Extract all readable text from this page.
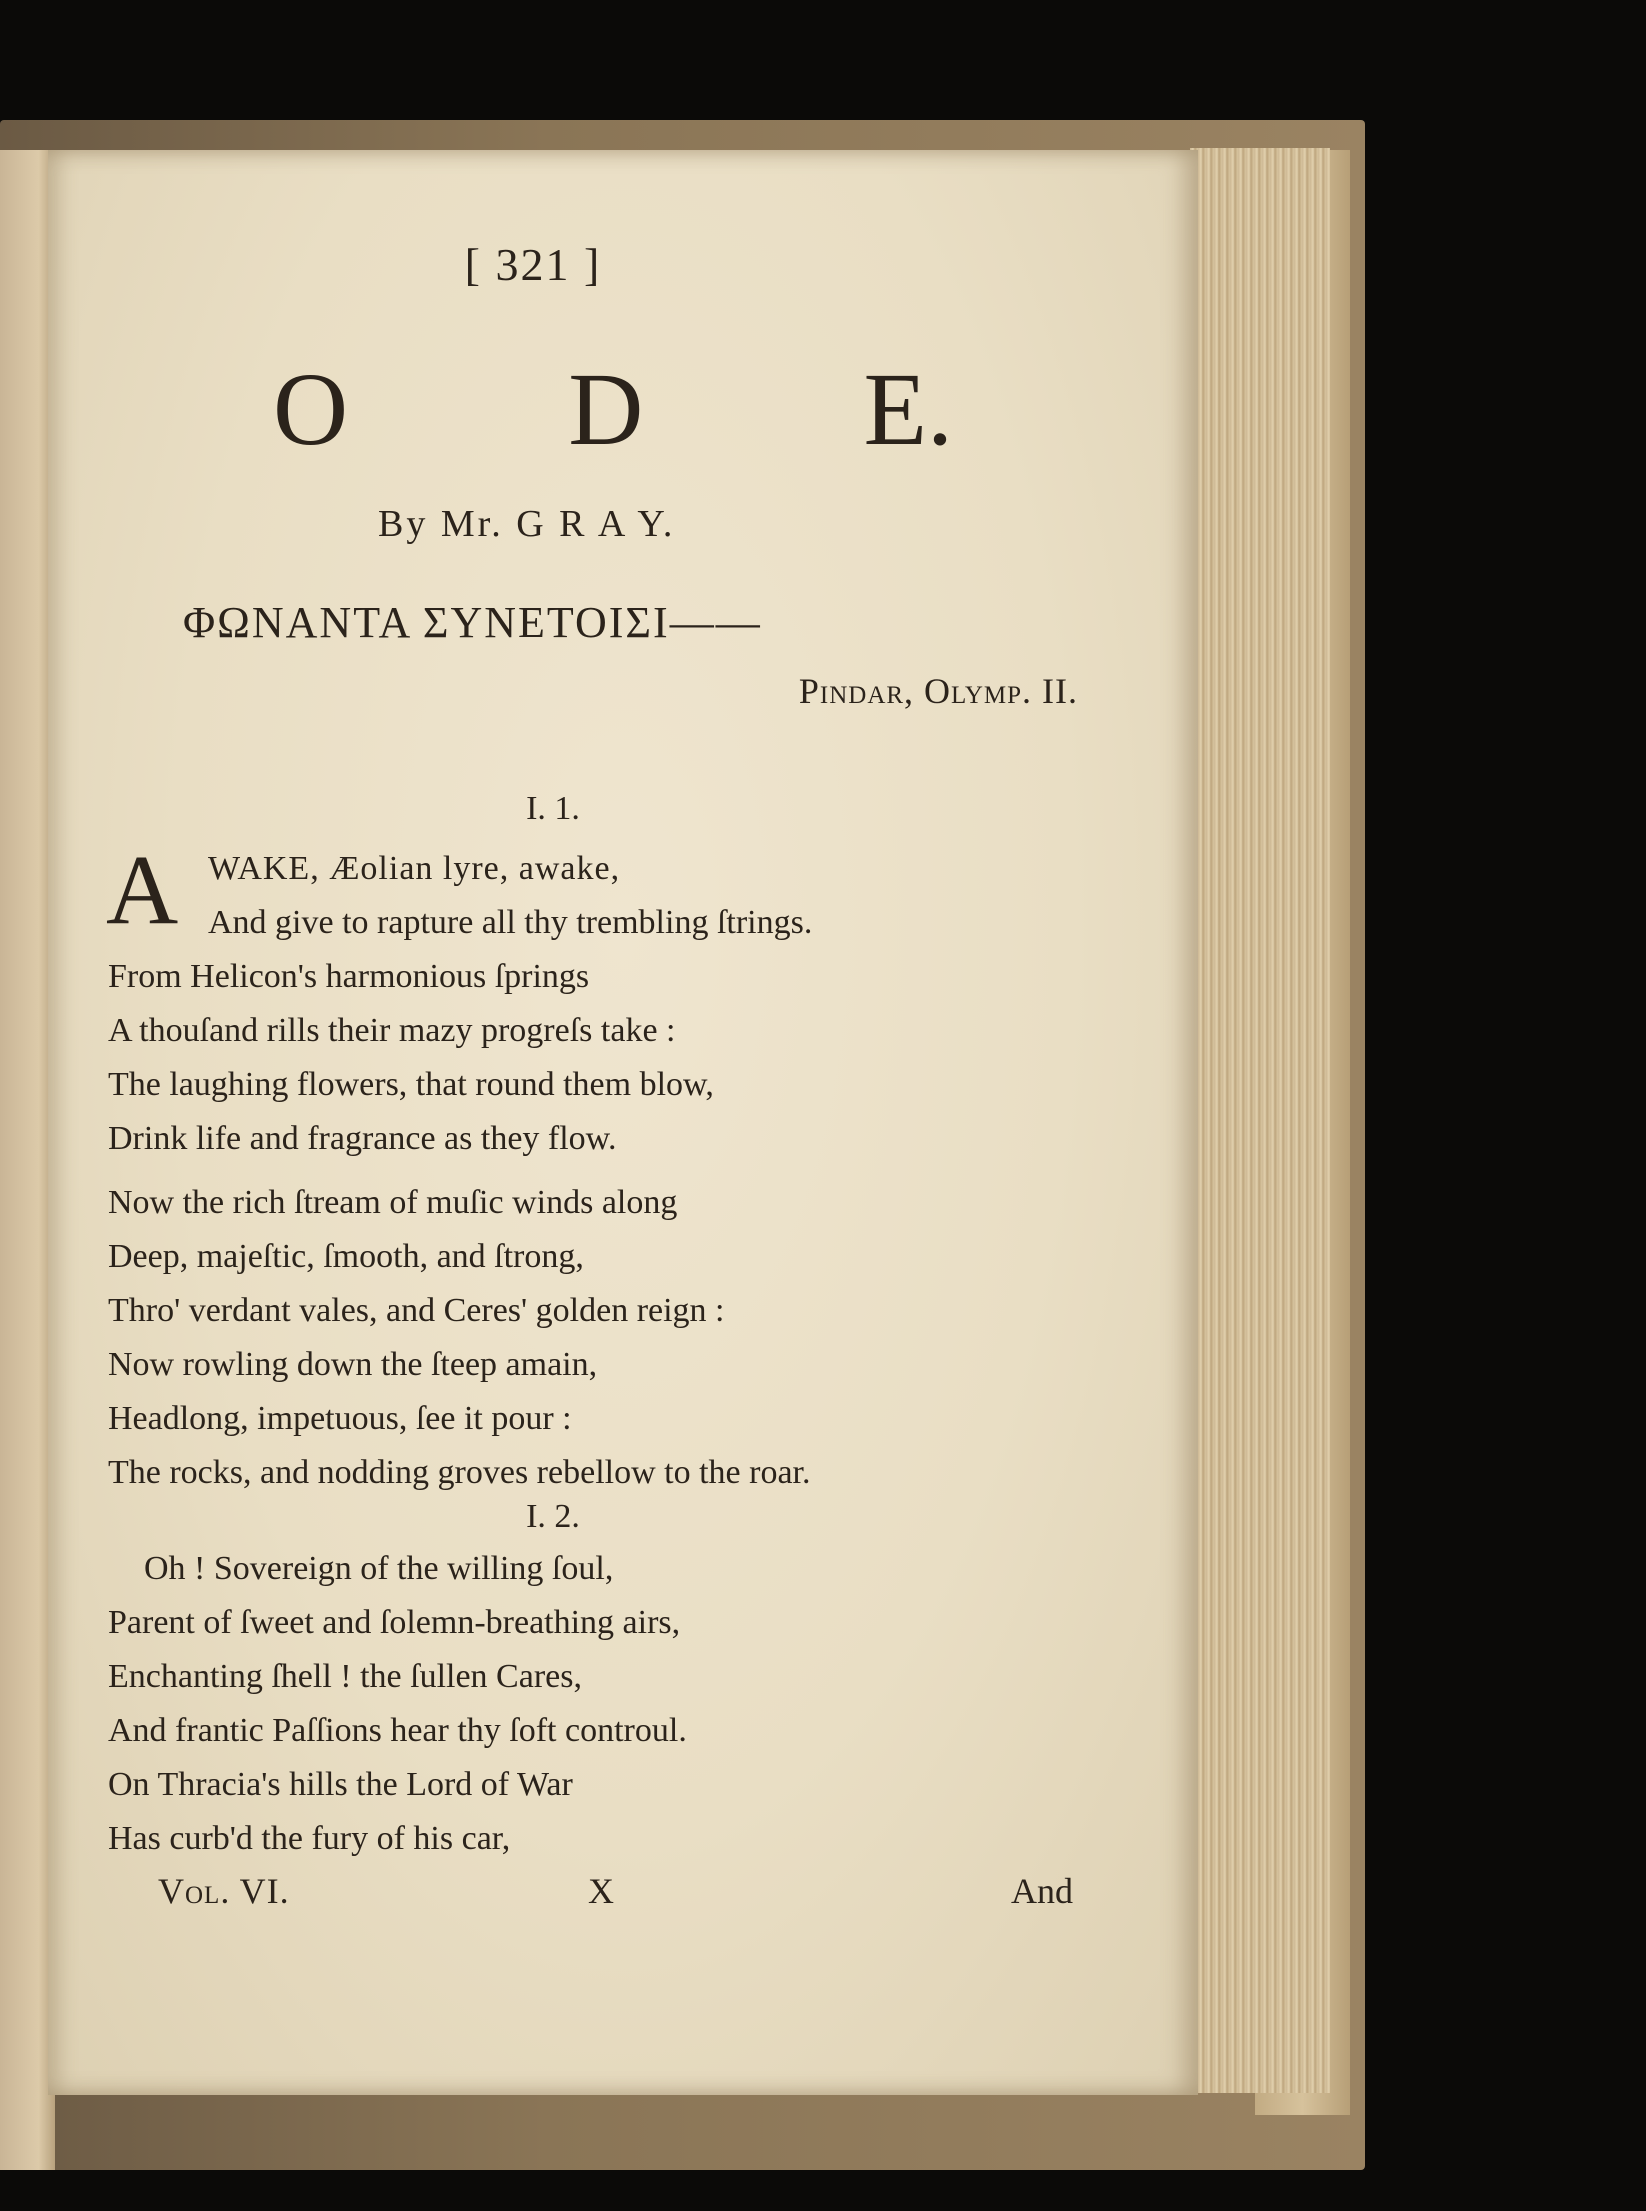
[ 321 ]
O D E.
By Mr. G R A Y.
ΦΩΝΑΝΤΑ ΣΥΝΕΤΟΙΣΙ——
Pindar, Olymp. II.
I. 1.
A WAKE, Æolian lyre, awake,
And give to rapture all thy trembling ſtrings.
From Helicon's harmonious ſprings
A thouſand rills their mazy progreſs take :
The laughing flowers, that round them blow,
Drink life and fragrance as they flow.
Now the rich ſtream of muſic winds along
Deep, majeſtic, ſmooth, and ſtrong,
Thro' verdant vales, and Ceres' golden reign :
Now rowling down the ſteep amain,
Headlong, impetuous, ſee it pour :
The rocks, and nodding groves rebellow to the roar.
I. 2.
Oh ! Sovereign of the willing ſoul,
Parent of ſweet and ſolemn-breathing airs,
Enchanting ſhell ! the ſullen Cares,
And frantic Paſſions hear thy ſoft controul.
On Thracia's hills the Lord of War
Has curb'd the fury of his car,
Vol. VI.	X	And
